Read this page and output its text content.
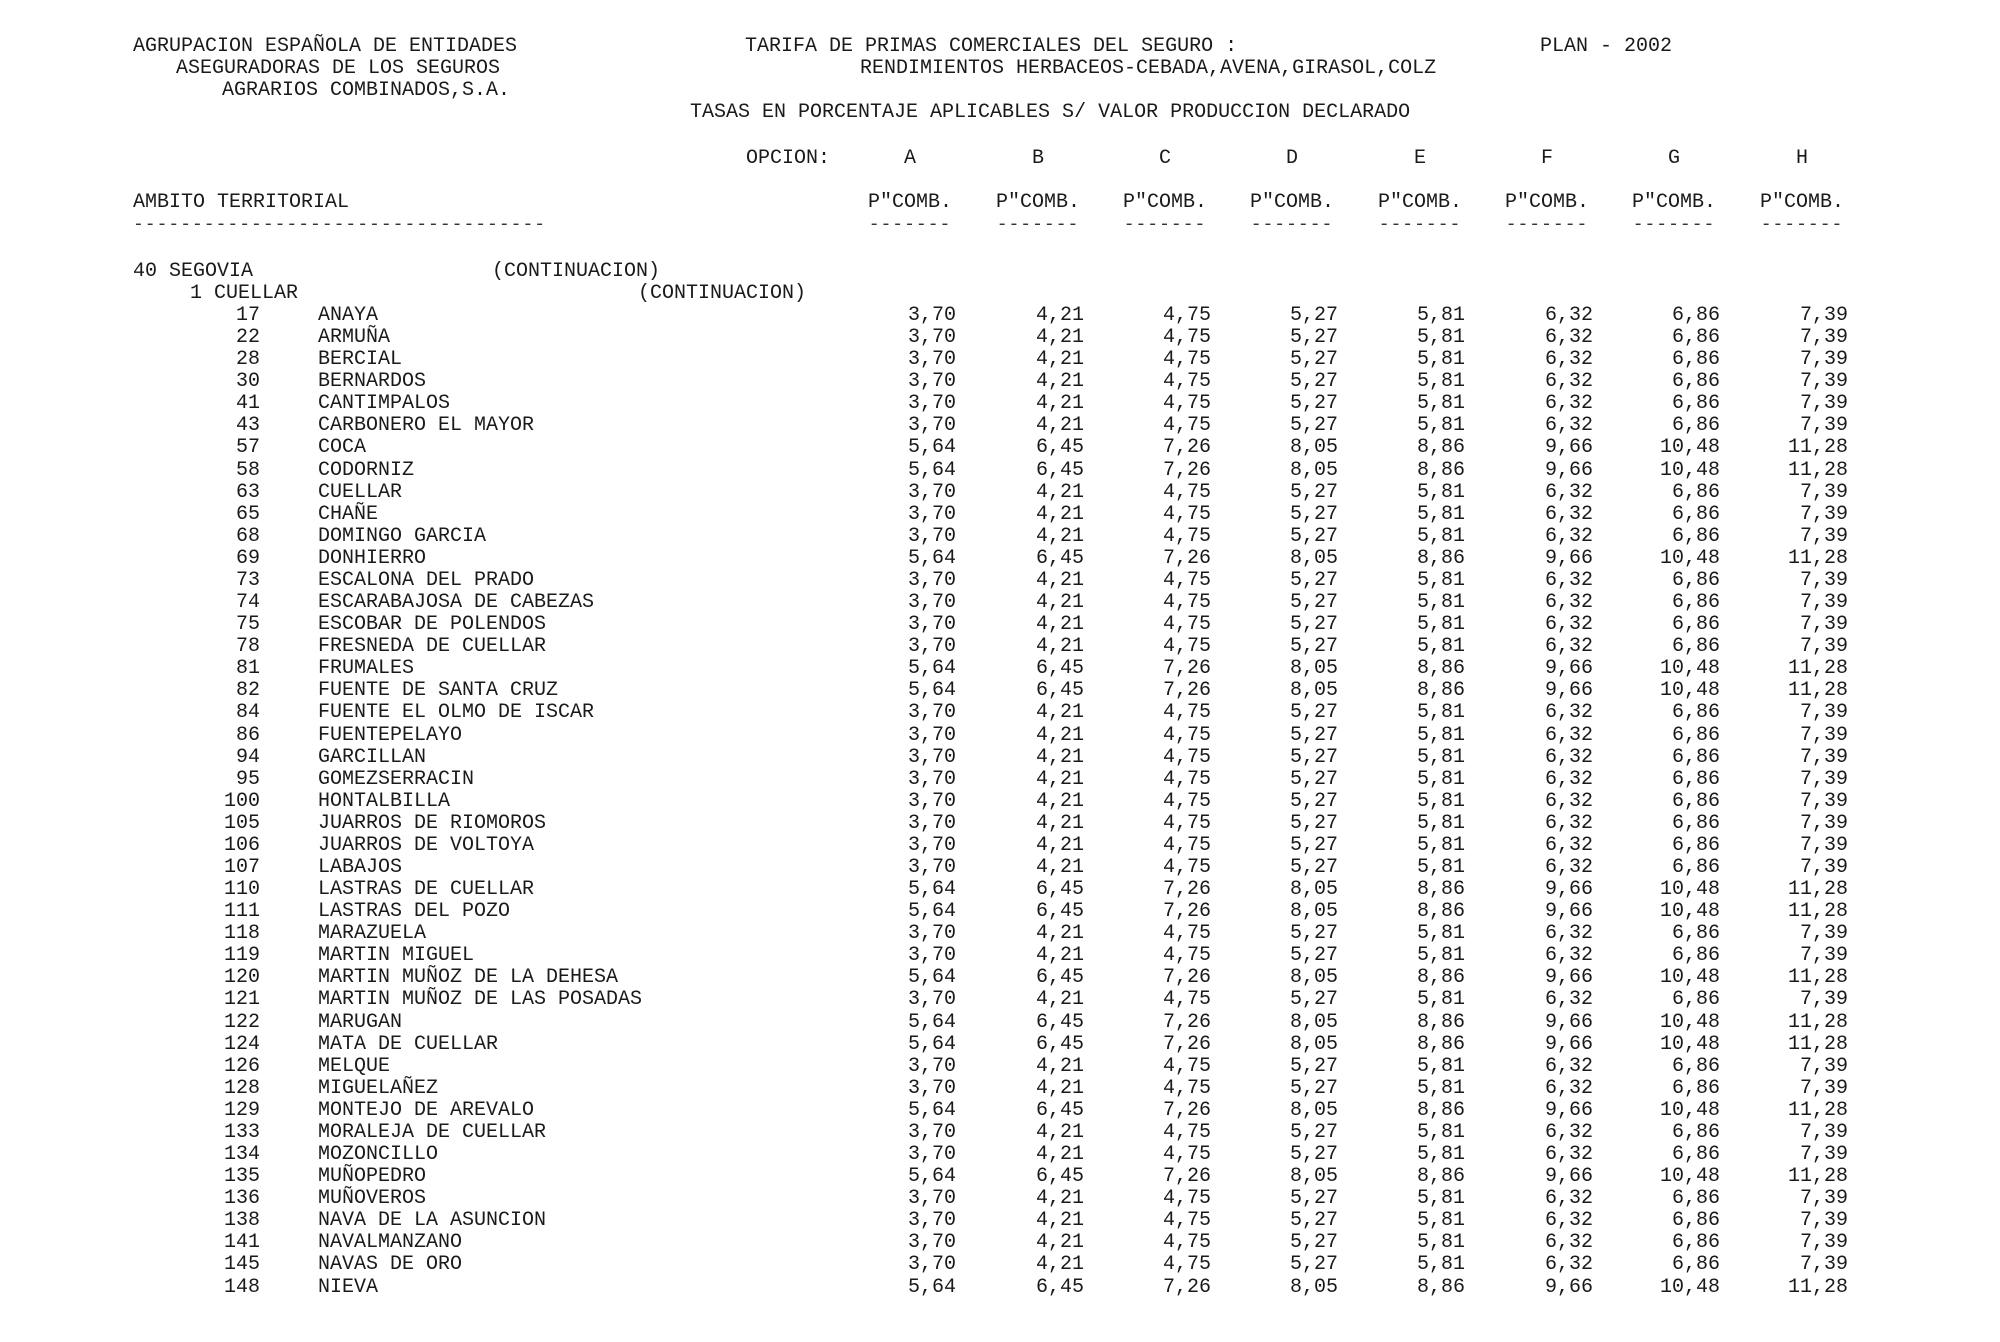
AGRUPACION ESPAÑOLA DE ENTIDADES
ASEGURADORAS DE LOS SEGUROS
AGRARIOS COMBINADOS,S.A.
TARIFA DE PRIMAS COMERCIALES DEL SEGURO :	PLAN - 2002
RENDIMIENTOS HERBACEOS-CEBADA,AVENA,GIRASOL,COLZ
TASAS EN PORCENTAJE APLICABLES S/ VALOR PRODUCCION DECLARADO
OPCION:	A	B	C	D	E	F	G	H
AMBITO TERRITORIAL	P"COMB.	P"COMB.	P"COMB.	P"COMB.	P"COMB.	P"COMB.	P"COMB.	P"COMB.
-----------------------------------	-------	-------	-------	-------	-------	-------	-------	-------
40 SEGOVIA	(CONTINUACION)
1 CUELLAR	(CONTINUACION)
17	ANAYA	3,70	4,21	4,75	5,27	5,81	6,32	6,86	7,39
22	ARMUÑA	3,70	4,21	4,75	5,27	5,81	6,32	6,86	7,39
28	BERCIAL	3,70	4,21	4,75	5,27	5,81	6,32	6,86	7,39
30	BERNARDOS	3,70	4,21	4,75	5,27	5,81	6,32	6,86	7,39
41	CANTIMPALOS	3,70	4,21	4,75	5,27	5,81	6,32	6,86	7,39
43	CARBONERO EL MAYOR	3,70	4,21	4,75	5,27	5,81	6,32	6,86	7,39
57	COCA	5,64	6,45	7,26	8,05	8,86	9,66	10,48	11,28
58	CODORNIZ	5,64	6,45	7,26	8,05	8,86	9,66	10,48	11,28
63	CUELLAR	3,70	4,21	4,75	5,27	5,81	6,32	6,86	7,39
65	CHAÑE	3,70	4,21	4,75	5,27	5,81	6,32	6,86	7,39
68	DOMINGO GARCIA	3,70	4,21	4,75	5,27	5,81	6,32	6,86	7,39
69	DONHIERRO	5,64	6,45	7,26	8,05	8,86	9,66	10,48	11,28
73	ESCALONA DEL PRADO	3,70	4,21	4,75	5,27	5,81	6,32	6,86	7,39
74	ESCARABAJOSA DE CABEZAS	3,70	4,21	4,75	5,27	5,81	6,32	6,86	7,39
75	ESCOBAR DE POLENDOS	3,70	4,21	4,75	5,27	5,81	6,32	6,86	7,39
78	FRESNEDA DE CUELLAR	3,70	4,21	4,75	5,27	5,81	6,32	6,86	7,39
81	FRUMALES	5,64	6,45	7,26	8,05	8,86	9,66	10,48	11,28
82	FUENTE DE SANTA CRUZ	5,64	6,45	7,26	8,05	8,86	9,66	10,48	11,28
84	FUENTE EL OLMO DE ISCAR	3,70	4,21	4,75	5,27	5,81	6,32	6,86	7,39
86	FUENTEPELAYO	3,70	4,21	4,75	5,27	5,81	6,32	6,86	7,39
94	GARCILLAN	3,70	4,21	4,75	5,27	5,81	6,32	6,86	7,39
95	GOMEZSERRACIN	3,70	4,21	4,75	5,27	5,81	6,32	6,86	7,39
100	HONTALBILLA	3,70	4,21	4,75	5,27	5,81	6,32	6,86	7,39
105	JUARROS DE RIOMOROS	3,70	4,21	4,75	5,27	5,81	6,32	6,86	7,39
106	JUARROS DE VOLTOYA	3,70	4,21	4,75	5,27	5,81	6,32	6,86	7,39
107	LABAJOS	3,70	4,21	4,75	5,27	5,81	6,32	6,86	7,39
110	LASTRAS DE CUELLAR	5,64	6,45	7,26	8,05	8,86	9,66	10,48	11,28
111	LASTRAS DEL POZO	5,64	6,45	7,26	8,05	8,86	9,66	10,48	11,28
118	MARAZUELA	3,70	4,21	4,75	5,27	5,81	6,32	6,86	7,39
119	MARTIN MIGUEL	3,70	4,21	4,75	5,27	5,81	6,32	6,86	7,39
120	MARTIN MUÑOZ DE LA DEHESA	5,64	6,45	7,26	8,05	8,86	9,66	10,48	11,28
121	MARTIN MUÑOZ DE LAS POSADAS	3,70	4,21	4,75	5,27	5,81	6,32	6,86	7,39
122	MARUGAN	5,64	6,45	7,26	8,05	8,86	9,66	10,48	11,28
124	MATA DE CUELLAR	5,64	6,45	7,26	8,05	8,86	9,66	10,48	11,28
126	MELQUE	3,70	4,21	4,75	5,27	5,81	6,32	6,86	7,39
128	MIGUELAÑEZ	3,70	4,21	4,75	5,27	5,81	6,32	6,86	7,39
129	MONTEJO DE AREVALO	5,64	6,45	7,26	8,05	8,86	9,66	10,48	11,28
133	MORALEJA DE CUELLAR	3,70	4,21	4,75	5,27	5,81	6,32	6,86	7,39
134	MOZONCILLO	3,70	4,21	4,75	5,27	5,81	6,32	6,86	7,39
135	MUÑOPEDRO	5,64	6,45	7,26	8,05	8,86	9,66	10,48	11,28
136	MUÑOVEROS	3,70	4,21	4,75	5,27	5,81	6,32	6,86	7,39
138	NAVA DE LA ASUNCION	3,70	4,21	4,75	5,27	5,81	6,32	6,86	7,39
141	NAVALMANZANO	3,70	4,21	4,75	5,27	5,81	6,32	6,86	7,39
145	NAVAS DE ORO	3,70	4,21	4,75	5,27	5,81	6,32	6,86	7,39
148	NIEVA	5,64	6,45	7,26	8,05	8,86	9,66	10,48	11,28
